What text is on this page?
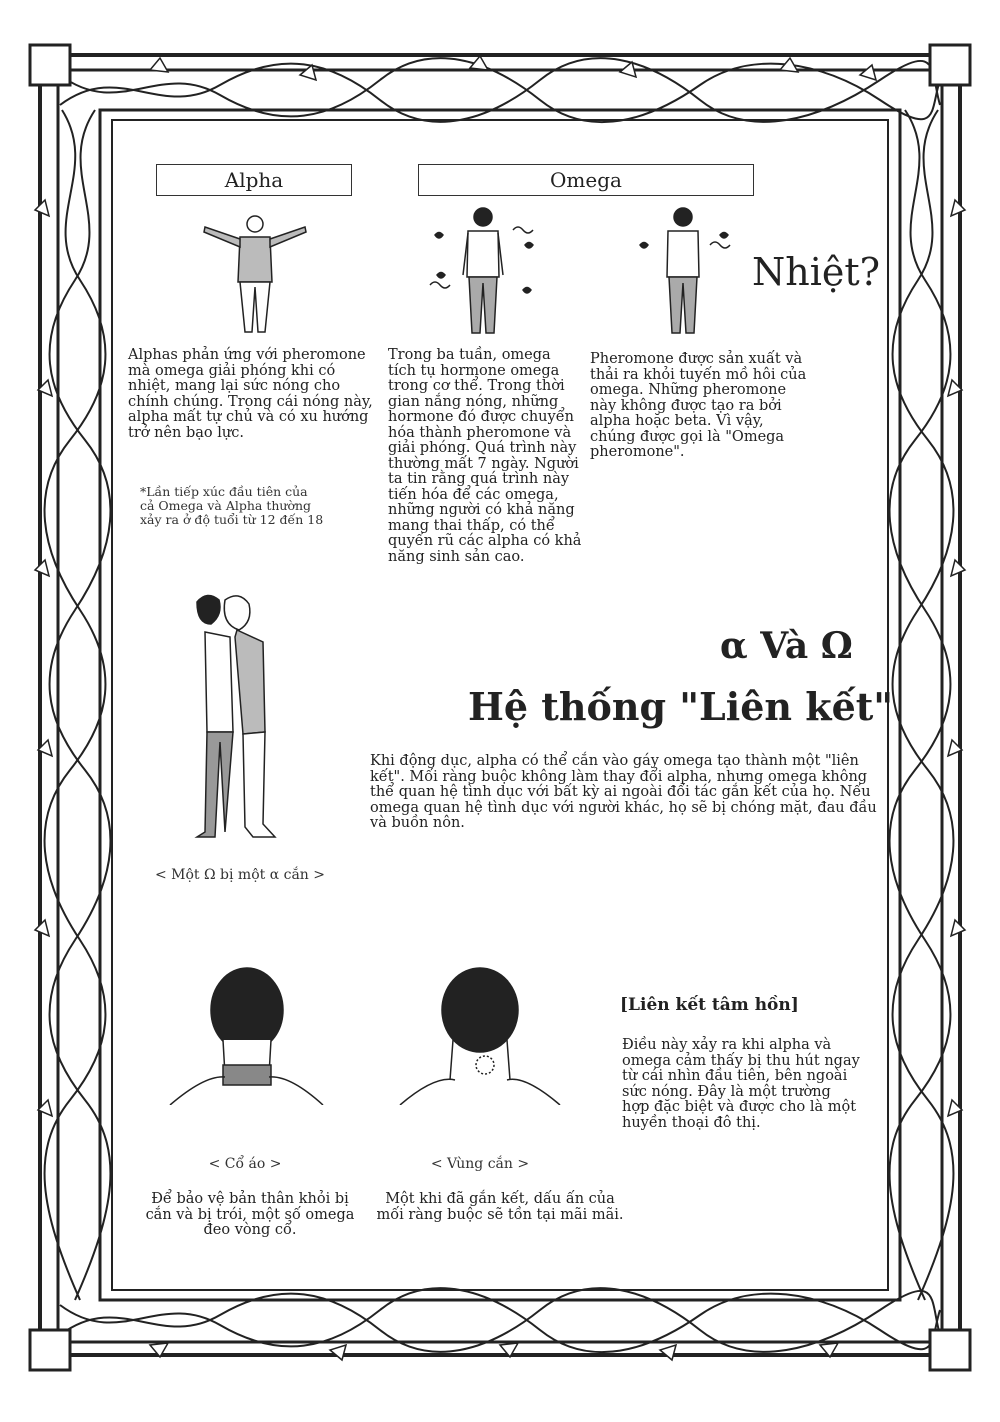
Alpha	Omega
Nhiệt?
Alphas phản ứng với pheromone mà omega giải phóng khi có nhiệt, mang lại sức nóng cho chính chúng. Trong cái nóng này, alpha mất tự chủ và có xu hướng trở nên bạo lực.
*Lần tiếp xúc đầu tiên của cả Omega và Alpha thường xảy ra ở độ tuổi từ 12 đến 18
Trong ba tuần, omega tích tụ hormone omega trong cơ thể. Trong thời gian nắng nóng, những hormone đó được chuyển hóa thành pheromone và giải phóng. Quá trình này thường mất 7 ngày. Người ta tin rằng quá trình này tiến hóa để các omega, những người có khả năng mang thai thấp, có thể quyến rũ các alpha có khả năng sinh sản cao.
Pheromone được sản xuất và thải ra khỏi tuyến mồ hôi của omega. Những pheromone này không được tạo ra bởi alpha hoặc beta. Vì vậy, chúng được gọi là "Omega pheromone".
α Và Ω
Hệ thống "Liên kết"
Khi động dục, alpha có thể cắn vào gáy omega tạo thành một "liên kết". Mối ràng buộc không làm thay đổi alpha, nhưng omega không thể quan hệ tình dục với bất kỳ ai ngoài đối tác gắn kết của họ. Nếu omega quan hệ tình dục với người khác, họ sẽ bị chóng mặt, đau đầu và buồn nôn.
< Một Ω bị một α cắn >
[Liên kết tâm hồn]
Điều này xảy ra khi alpha và omega cảm thấy bị thu hút ngay từ cái nhìn đầu tiên, bên ngoài sức nóng. Đây là một trường hợp đặc biệt và được cho là một huyền thoại đô thị.
< Cổ áo >	< Vùng cắn >
Để bảo vệ bản thân khỏi bị cắn và bị trói, một số omega đeo vòng cổ.
Một khi đã gắn kết, dấu ấn của mối ràng buộc sẽ tồn tại mãi mãi.
